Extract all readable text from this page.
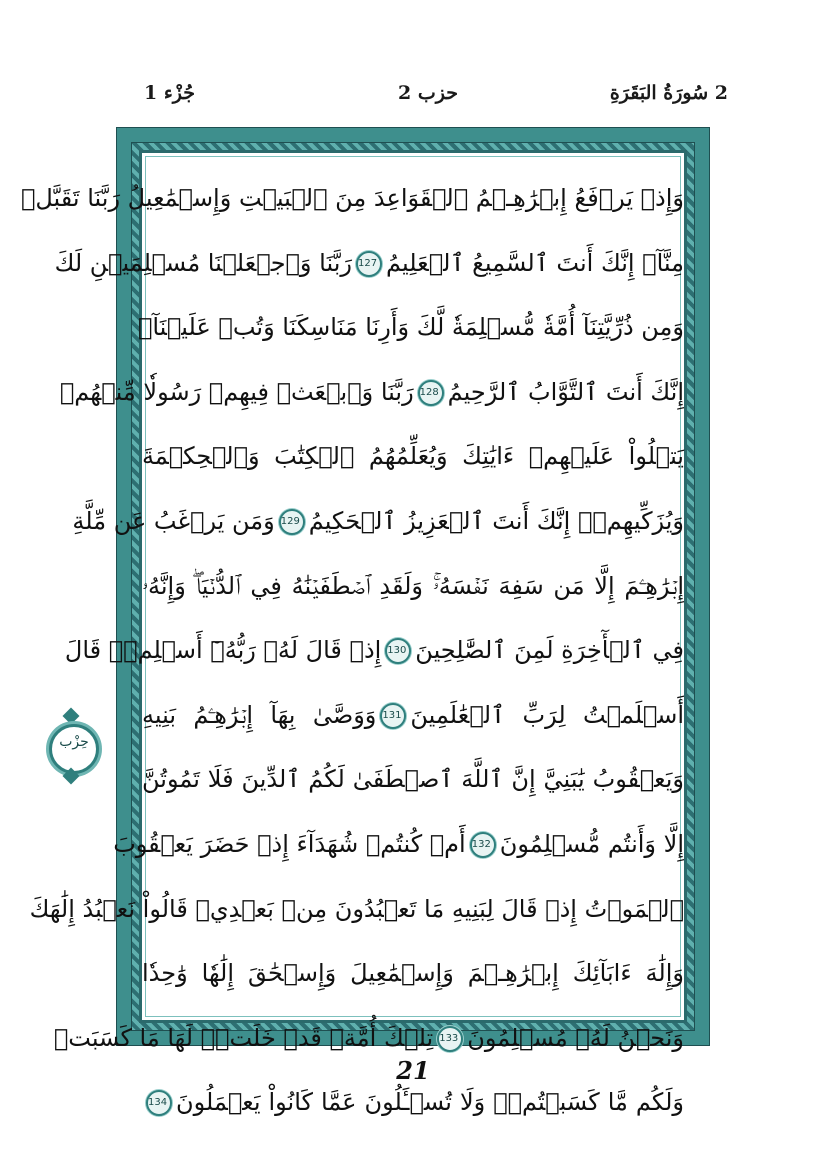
2 سُورَةُ البَقَرَةِ
حزب 2
جُزْء 1
وَإِذۡ يَرۡفَعُ إِبۡرَٰهِـۧمُ ٱلۡقَوَاعِدَ مِنَ ٱلۡبَيۡتِ وَإِسۡمَٰعِيلُ رَبَّنَا تَقَبَّلۡ
مِنَّآۖ إِنَّكَ أَنتَ ٱلسَّمِيعُ ٱلۡعَلِيمُ127رَبَّنَا وَٱجۡعَلۡنَا مُسۡلِمَيۡنِ لَكَ
وَمِن ذُرِّيَّتِنَآ أُمَّةٗ مُّسۡلِمَةٗ لَّكَ وَأَرِنَا مَنَاسِكَنَا وَتُبۡ عَلَيۡنَآۖ
إِنَّكَ أَنتَ ٱلتَّوَّابُ ٱلرَّحِيمُ128رَبَّنَا وَٱبۡعَثۡ فِيهِمۡ رَسُولٗا مِّنۡهُمۡ
يَتۡلُواْ عَلَيۡهِمۡ ءَايَٰتِكَ وَيُعَلِّمُهُمُ ٱلۡكِتَٰبَ وَٱلۡحِكۡمَةَ
وَيُزَكِّيهِمۡۖ إِنَّكَ أَنتَ ٱلۡعَزِيزُ ٱلۡحَكِيمُ129وَمَن يَرۡغَبُ عَن مِّلَّةِ
إِبۡرَٰهِـۧمَ إِلَّا مَن سَفِهَ نَفۡسَهُۥۚ وَلَقَدِ ٱصۡطَفَيۡنَٰهُ فِي ٱلدُّنۡيَاۖ وَإِنَّهُۥ
فِي ٱلۡأٓخِرَةِ لَمِنَ ٱلصَّٰلِحِينَ130إِذۡ قَالَ لَهُۥ رَبُّهُۥٓ أَسۡلِمۡۖ قَالَ
أَسۡلَمۡتُ لِرَبِّ ٱلۡعَٰلَمِينَ131وَوَصَّىٰ بِهَآ إِبۡرَٰهِـۧمُ بَنِيهِ
وَيَعۡقُوبُ يَٰبَنِيَّ إِنَّ ٱللَّهَ ٱصۡطَفَىٰ لَكُمُ ٱلدِّينَ فَلَا تَمُوتُنَّ
إِلَّا وَأَنتُم مُّسۡلِمُونَ132أَمۡ كُنتُمۡ شُهَدَآءَ إِذۡ حَضَرَ يَعۡقُوبَ
ٱلۡمَوۡتُ إِذۡ قَالَ لِبَنِيهِ مَا تَعۡبُدُونَ مِنۢ بَعۡدِيۖ قَالُواْ نَعۡبُدُ إِلَٰهَكَ
وَإِلَٰهَ ءَابَآئِكَ إِبۡرَٰهِـۧمَ وَإِسۡمَٰعِيلَ وَإِسۡحَٰقَ إِلَٰهٗا وَٰحِدٗا
وَنَحۡنُ لَهُۥ مُسۡلِمُونَ133تِلۡكَ أُمَّةٞ قَدۡ خَلَتۡۖ لَهَا مَا كَسَبَتۡ
وَلَكُم مَّا كَسَبۡتُمۡۖ وَلَا تُسۡـَٔلُونَ عَمَّا كَانُواْ يَعۡمَلُونَ134
حِزْب
21
